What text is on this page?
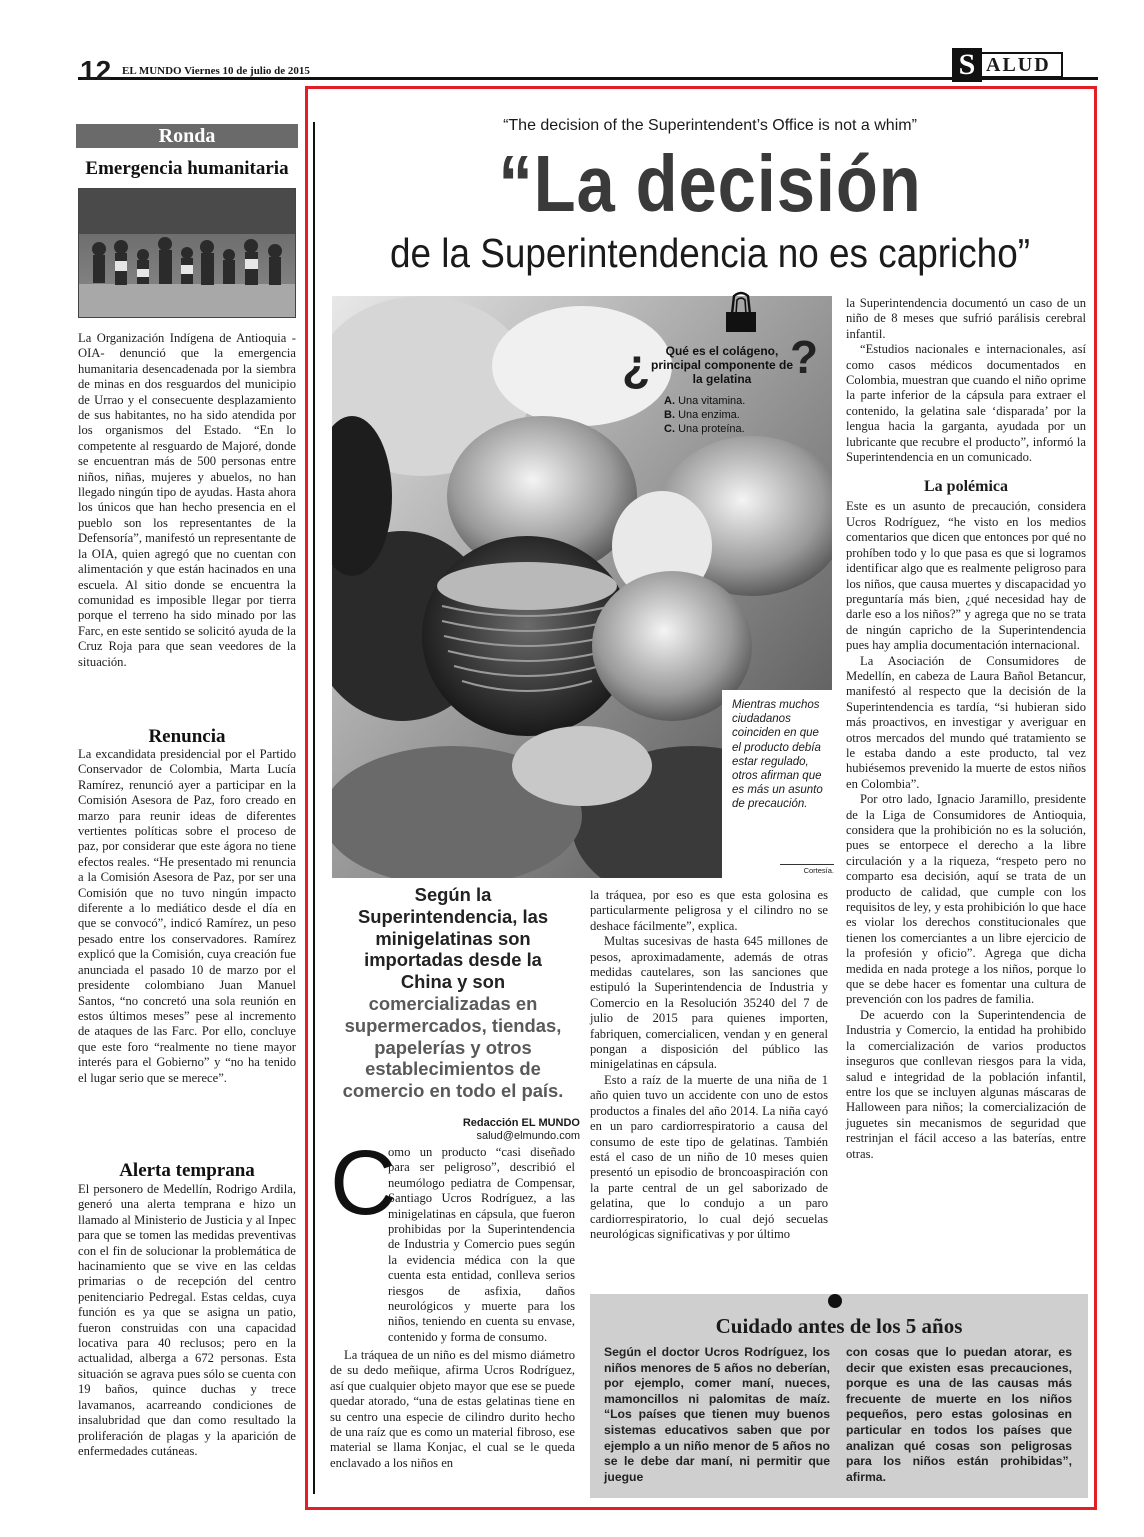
12 EL MUNDO Viernes 10 de julio de 2015	S ALUD
Ronda
Emergencia humanitaria

La Organización Indígena de Antioquia -OIA- denunció que la emergencia humanitaria desencadenada por la siembra de minas en dos resguardos del municipio de Urrao y el consecuente desplazamiento de sus habitantes, no ha sido atendida por los organismos del Estado. “En lo competente al resguardo de Majoré, donde se encuentran más de 500 personas entre niños, niñas, mujeres y abuelos, no han llegado ningún tipo de ayudas. Hasta ahora los únicos que han hecho presencia en el pueblo son los representantes de la Defensoría”, manifestó un representante de la OIA, quien agregó que no cuentan con alimentación y que están hacinados en una escuela. Al sitio donde se encuentra la comunidad es imposible llegar por tierra porque el terreno ha sido minado por las Farc, en este sentido se solicitó ayuda de la Cruz Roja para que sean veedores de la situación.

Renuncia

La excandidata presidencial por el Partido Conservador de Colombia, Marta Lucía Ramírez, renunció ayer a participar en la Comisión Asesora de Paz, foro creado en marzo para reunir ideas de diferentes vertientes políticas sobre el proceso de paz, por considerar que este ágora no tiene efectos reales. “He presentado mi renuncia a la Comisión Asesora de Paz, por ser una Comisión que no tuvo ningún impacto diferente a lo mediático desde el día en que se convocó”, indicó Ramírez, un peso pesado entre los conservadores. Ramírez explicó que la Comisión, cuya creación fue anunciada el pasado 10 de marzo por el presidente colombiano Juan Manuel Santos, “no concretó una sola reunión en estos últimos meses” pese al incremento de ataques de las Farc. Por ello, concluye que este foro “realmente no tiene mayor interés para el Gobierno” y “no ha tenido el lugar serio que se merece”.

Alerta temprana

El personero de Medellín, Rodrigo Ardila, generó una alerta temprana e hizo un llamado al Ministerio de Justicia y al Inpec para que se tomen las medidas preventivas con el fin de solucionar la problemática de hacinamiento que se vive en las celdas primarias o de recepción del centro penitenciario Pedregal. Estas celdas, cuya función es ya que se asigna un patio, fueron construidas con una capacidad locativa para 40 reclusos; pero en la actualidad, alberga a 672 personas. Esta situación se agrava pues sólo se cuenta con 19 baños, quince duchas y trece lavamanos, acarreando condiciones de insalubridad que dan como resultado la proliferación de plagas y la aparición de enfermedades cutáneas.

“The decision of the Superintendent’s Office is not a whim”
“La decisión
de la Superintendencia no es capricho”
¿	?
Qué es el colágeno, principal componente de la gelatina
A. Una vitamina.
B. Una enzima.
C. Una proteína.
Mientras muchos ciudadanos coinciden en que el producto debía estar regulado, otros afirman que es más un asunto de precaución.
Cortesía.
Según la Superintendencia, las minigelatinas son importadas desde la China y son comercializadas en supermercados, tiendas, papelerías y otros establecimientos de comercio en todo el país.
Redacción EL MUNDO
salud@elmundo.com
C

omo un producto “casi diseñado para ser peligroso”, describió el neumólogo pediatra de Compensar, Santiago Ucros Rodríguez, a las minigelatinas en cápsula, que fueron prohibidas por la Superintendencia de Industria y Comercio pues según la evidencia médica con la que cuenta esta entidad, conlleva serios riesgos de asfixia, daños neurológicos y muerte para los niños, teniendo en cuenta su envase, contenido y forma de consumo.

La tráquea de un niño es del mismo diámetro de su dedo meñique, afirma Ucros Rodríguez, así que cualquier objeto mayor que ese se puede quedar atorado, “una de estas gelatinas tiene en su centro una especie de cilindro durito hecho de una raíz que es como un material fibroso, ese material se llama Konjac, el cual se le queda enclavado a los niños en

la tráquea, por eso es que esta golosina es particularmente peligrosa y el cilindro no se deshace fácilmente”, explica.

Multas sucesivas de hasta 645 millones de pesos, aproximadamente, además de otras medidas cautelares, son las sanciones que estipuló la Superintendencia de Industria y Comercio en la Resolución 35240 del 7 de julio de 2015 para quienes importen, fabriquen, comercialicen, vendan y en general pongan a disposición del público las minigelatinas en cápsula.

Esto a raíz de la muerte de una niña de 1 año quien tuvo un accidente con uno de estos productos a finales del año 2014. La niña cayó en un paro cardiorrespiratorio a causa del consumo de este tipo de gelatinas. También está el caso de un niño de 10 meses quien presentó un episodio de broncoaspiración con la parte central de un gel saborizado de gelatina, que lo condujo a un paro cardiorrespiratorio, lo cual dejó secuelas neurológicas significativas y por último

la Superintendencia documentó un caso de un niño de 8 meses que sufrió parálisis cerebral infantil.

“Estudios nacionales e internacionales, así como casos médicos documentados en Colombia, muestran que cuando el niño oprime la parte inferior de la cápsula para extraer el contenido, la gelatina sale ‘disparada’ por la lengua hacia la garganta, ayudada por un lubricante que recubre el producto”, informó la Superintendencia en un comunicado.

La polémica

Este es un asunto de precaución, considera Ucros Rodríguez, “he visto en los medios comentarios que dicen que entonces por qué no prohíben todo y lo que pasa es que si logramos identificar algo que es realmente peligroso para los niños, que causa muertes y discapacidad yo preguntaría más bien, ¿qué necesidad hay de darle eso a los niños?” y agrega que no se trata de ningún capricho de la Superintendencia pues hay amplia documentación internacional.

La Asociación de Consumidores de Medellín, en cabeza de Laura Bañol Betancur, manifestó al respecto que la decisión de la Superintendencia es tardía, “si hubieran sido más proactivos, en investigar y averiguar en otros mercados del mundo qué tratamiento se le estaba dando a este producto, tal vez hubiésemos prevenido la muerte de estos niños en Colombia”.

Por otro lado, Ignacio Jaramillo, presidente de la Liga de Consumidores de Antioquia, considera que la prohibición no es la solución, pues se entorpece el derecho a la libre circulación y a la riqueza, “respeto pero no comparto esa decisión, aquí se trata de un producto de calidad, que cumple con los requisitos de ley, y esta prohibición lo que hace es violar los derechos constitucionales que tienen los comerciantes a un libre ejercicio de la profesión y oficio”. Agrega que dicha medida en nada protege a los niños, porque lo que se debe hacer es fomentar una cultura de prevención con los padres de familia.

De acuerdo con la Superintendencia de Industria y Comercio, la entidad ha prohibido la comercialización de varios productos inseguros que conllevan riesgos para la vida, salud e integridad de la población infantil, entre los que se incluyen algunas máscaras de Halloween para niños; la comercialización de juguetes sin mecanismos de seguridad que restrinjan el fácil acceso a las baterías, entre otras.

Cuidado antes de los 5 años
Según el doctor Ucros Rodríguez, los niños menores de 5 años no deberían, por ejemplo, comer maní, nueces, mamoncillos ni palomitas de maíz. “Los países que tienen muy buenos sistemas educativos saben que por ejemplo a un niño menor de 5 años no se le debe dar maní, ni permitir que juegue
con cosas que lo puedan atorar, es decir que existen esas precauciones, porque es una de las causas más frecuente de muerte en los niños pequeños, pero estas golosinas en particular en todos los países que analizan qué cosas son peligrosas para los niños están prohibidas”, afirma.
